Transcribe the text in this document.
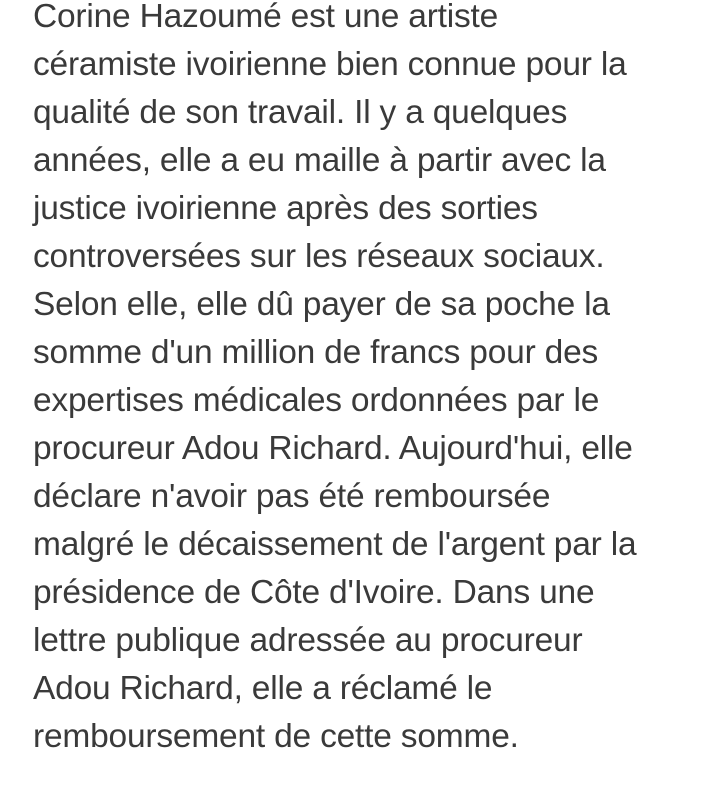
Corine Hazoumé est une artiste
céramiste ivoirienne bien connue pour la
qualité de son travail. Il y a quelques
années, elle a eu maille à partir avec la
justice ivoirienne après des sorties
controversées sur les réseaux sociaux.
Selon elle, elle dû payer de sa poche la
somme d'un million de francs pour des
expertises médicales ordonnées par le
procureur Adou Richard. Aujourd'hui, elle
déclare n'avoir pas été remboursée
malgré le décaissement de l'argent par la
présidence de Côte d'Ivoire. Dans une
lettre publique adressée au procureur
Adou Richard, elle a réclamé le
remboursement de cette somme.
